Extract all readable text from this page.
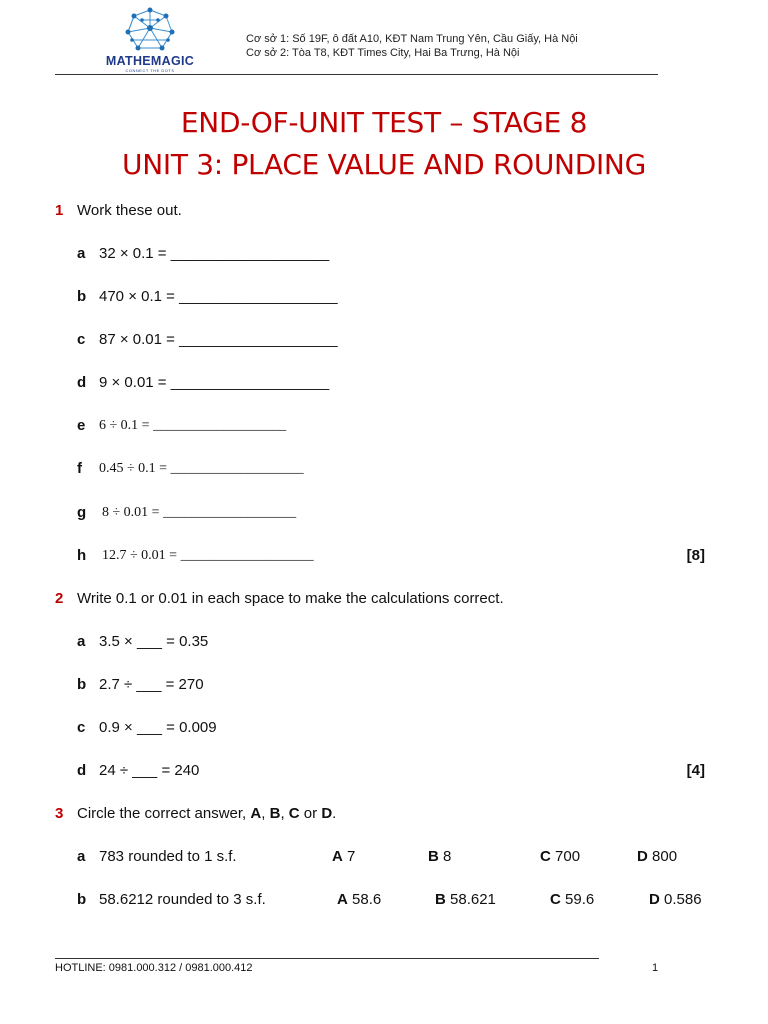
MATHEMAGIC
CONNECT THE DOTS
Cơ sở 1: Số 19F, ô đất A10, KĐT Nam Trung Yên, Cầu Giấy, Hà Nội
Cơ sở 2: Tòa T8, KĐT Times City, Hai Ba Trưng, Hà Nội
END-OF-UNIT TEST – STAGE 8
UNIT 3: PLACE VALUE AND ROUNDING
1 Work these out.
a 32 × 0.1 = ___________________
b 470 × 0.1 = ___________________
c 87 × 0.01 = ___________________
d 9 × 0.01 = ___________________
e 6 ÷ 0.1 = ___________________
f 0.45 ÷ 0.1 = ___________________
g 8 ÷ 0.01 = ___________________
h 12.7 ÷ 0.01 = ___________________	[8]
2 Write 0.1 or 0.01 in each space to make the calculations correct.
a 3.5 × ___ = 0.35
b 2.7 ÷ ___ = 270
c 0.9 × ___ = 0.009
d 24 ÷ ___ = 240	[4]
3 Circle the correct answer, A, B, C or D.
a 783 rounded to 1 s.f.	A 7	B 8	C 700	D 800
b 58.6212 rounded to 3 s.f.	A 58.6	B 58.621	C 59.6	D 0.586
HOTLINE: 0981.000.312 / 0981.000.412	1
